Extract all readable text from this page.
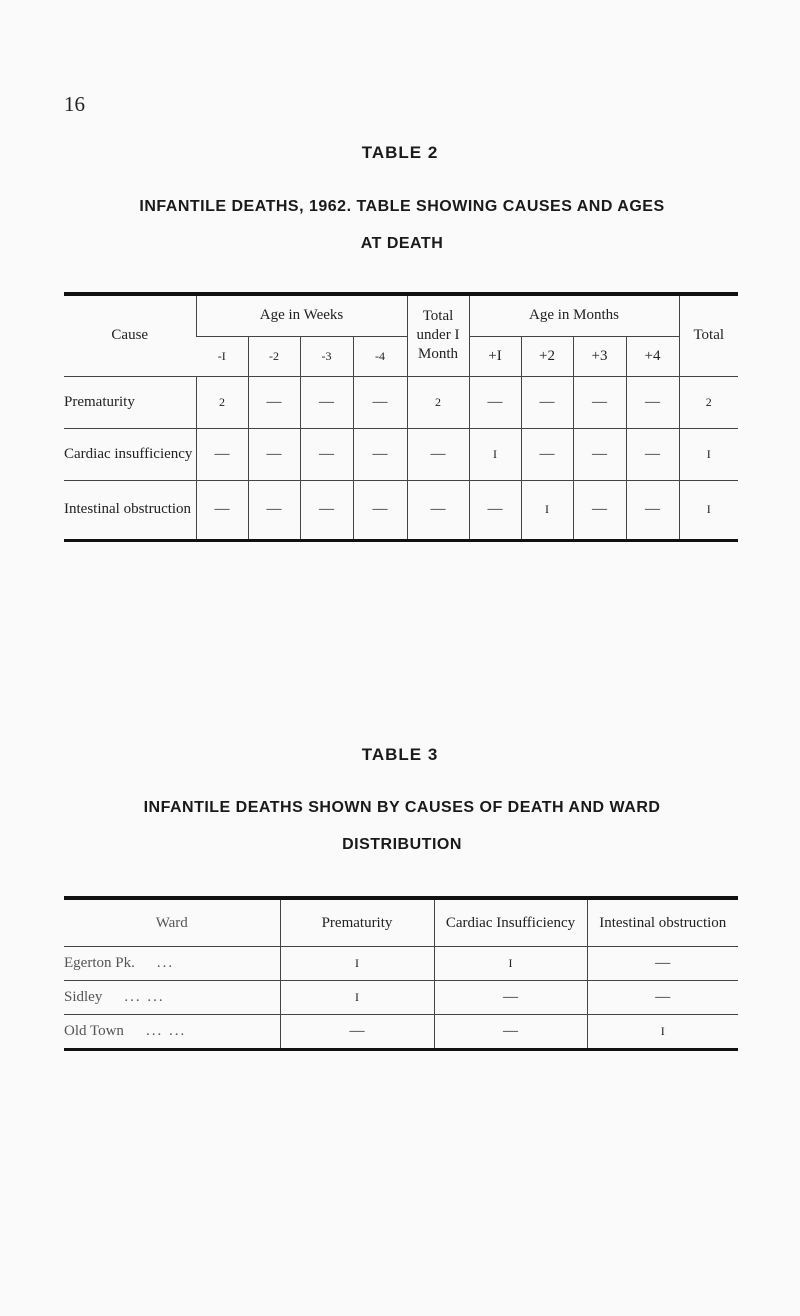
16
TABLE 2
INFANTILE DEATHS, 1962. TABLE SHOWING CAUSES AND AGES
AT DEATH
Cause	Age in Weeks				Total under I Month	Age in Months				Total
	-I	-2	-3	-4		+I	+2	+3	+4	
Prematurity	2	—	—	—	2	—	—	—	—	2
Cardiac insufficiency	—	—	—	—	—	I	—	—	—	I
Intestinal obstruction	—	—	—	—	—	—	I	—	—	I
TABLE 3
INFANTILE DEATHS SHOWN BY CAUSES OF DEATH AND WARD
DISTRIBUTION
Ward	Prematurity	Cardiac Insufficiency	Intestinal obstruction
Egerton Pk. ...	I	I	—
Sidley ... ...	I	—	—
Old Town ... ...	—	—	I
